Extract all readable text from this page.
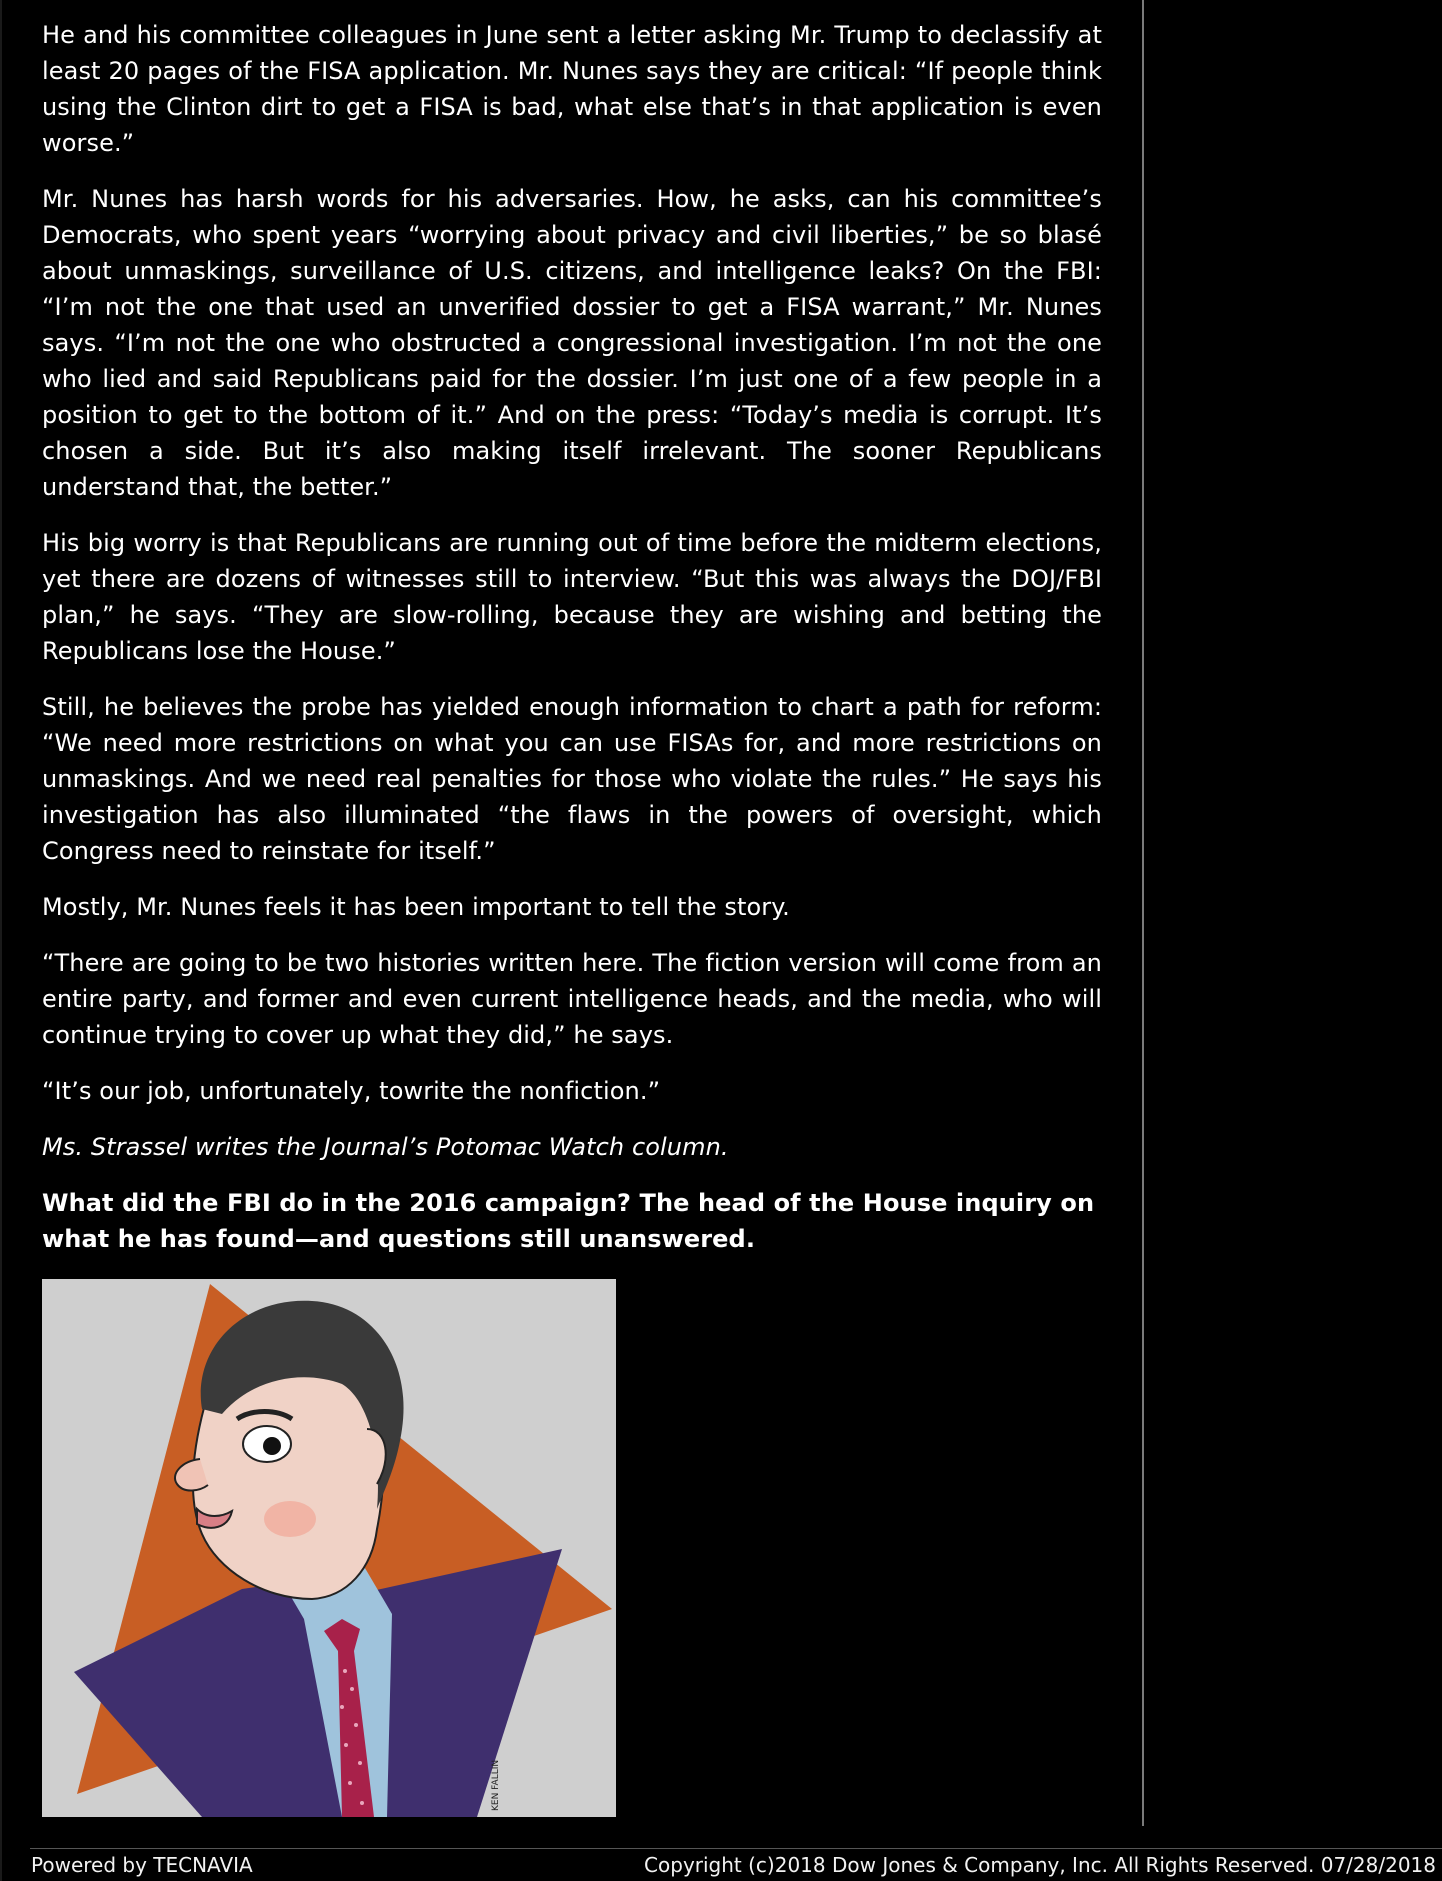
He and his committee colleagues in June sent a letter asking Mr. Trump to declassify at least 20 pages of the FISA application. Mr. Nunes says they are critical: “If people think using the Clinton dirt to get a FISA is bad, what else that’s in that application is even worse.”

Mr. Nunes has harsh words for his adversaries. How, he asks, can his committee’s Democrats, who spent years “worrying about privacy and civil liberties,” be so blasé about unmaskings, surveillance of U.S. citizens, and intelligence leaks? On the FBI: “I’m not the one that used an unverified dossier to get a FISA warrant,” Mr. Nunes says. “I’m not the one who obstructed a congressional investigation. I’m not the one who lied and said Republicans paid for the dossier. I’m just one of a few people in a position to get to the bottom of it.” And on the press: “Today’s media is corrupt. It’s chosen a side. But it’s also making itself irrelevant. The sooner Republicans understand that, the better.”

His big worry is that Republicans are running out of time before the midterm elections, yet there are dozens of witnesses still to interview. “But this was always the DOJ/FBI plan,” he says. “They are slow-rolling, because they are wishing and betting the Republicans lose the House.”

Still, he believes the probe has yielded enough information to chart a path for reform: “We need more restrictions on what you can use FISAs for, and more restrictions on unmaskings. And we need real penalties for those who violate the rules.” He says his investigation has also illuminated “the flaws in the powers of oversight, which Congress need to reinstate for itself.”

Mostly, Mr. Nunes feels it has been important to tell the story.

“There are going to be two histories written here. The fiction version will come from an entire party, and former and even current intelligence heads, and the media, who will continue trying to cover up what they did,” he says.

“It’s our job, unfortunately, towrite the nonfiction.”

Ms. Strassel writes the Journal’s Potomac Watch column.

What did the FBI do in the 2016 campaign? The head of the House inquiry on what he has found—and questions still unanswered.

KEN FALLIN
Powered by TECNAVIA	Copyright (c)2018 Dow Jones & Company, Inc. All Rights Reserved. 07/28/2018
